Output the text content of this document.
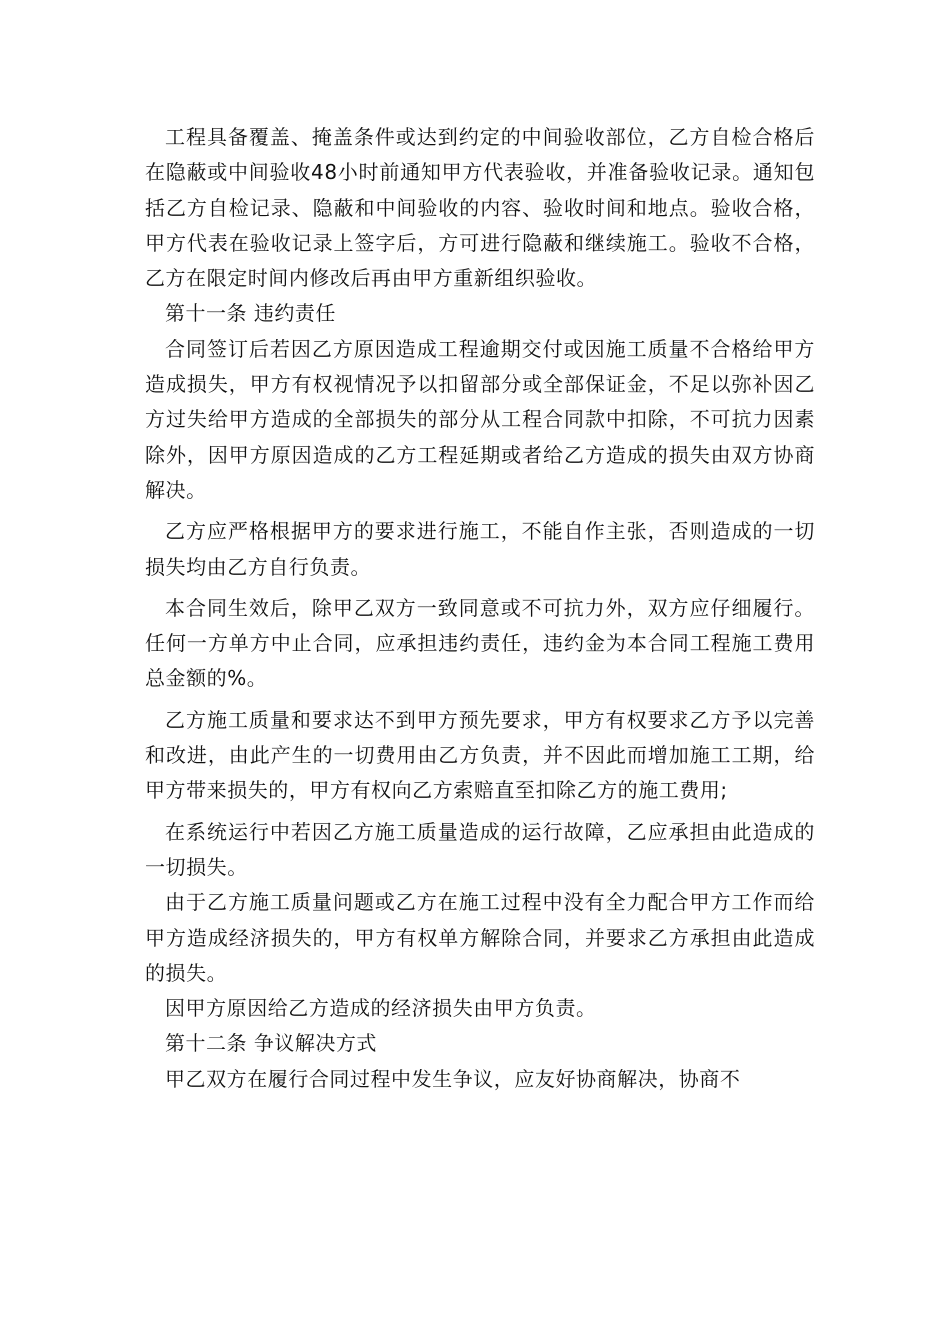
工程具备覆盖、掩盖条件或达到约定的中间验收部位，乙方自检合格后在隐蔽或中间验收48小时前通知甲方代表验收，并准备验收记录。通知包括乙方自检记录、隐蔽和中间验收的内容、验收时间和地点。验收合格，甲方代表在验收记录上签字后，方可进行隐蔽和继续施工。验收不合格，乙方在限定时间内修改后再由甲方重新组织验收。

第十一条 违约责任

合同签订后若因乙方原因造成工程逾期交付或因施工质量不合格给甲方造成损失，甲方有权视情况予以扣留部分或全部保证金，不足以弥补因乙方过失给甲方造成的全部损失的部分从工程合同款中扣除，不可抗力因素除外，因甲方原因造成的乙方工程延期或者给乙方造成的损失由双方协商解决。

乙方应严格根据甲方的要求进行施工，不能自作主张，否则造成的一切损失均由乙方自行负责。

本合同生效后，除甲乙双方一致同意或不可抗力外，双方应仔细履行。任何一方单方中止合同，应承担违约责任，违约金为本合同工程施工费用总金额的%。

乙方施工质量和要求达不到甲方预先要求，甲方有权要求乙方予以完善和改进，由此产生的一切费用由乙方负责，并不因此而增加施工工期，给甲方带来损失的，甲方有权向乙方索赔直至扣除乙方的施工费用;

在系统运行中若因乙方施工质量造成的运行故障，乙应承担由此造成的一切损失。

由于乙方施工质量问题或乙方在施工过程中没有全力配合甲方工作而给甲方造成经济损失的，甲方有权单方解除合同，并要求乙方承担由此造成的损失。

因甲方原因给乙方造成的经济损失由甲方负责。

第十二条 争议解决方式

甲乙双方在履行合同过程中发生争议，应友好协商解决，协商不
